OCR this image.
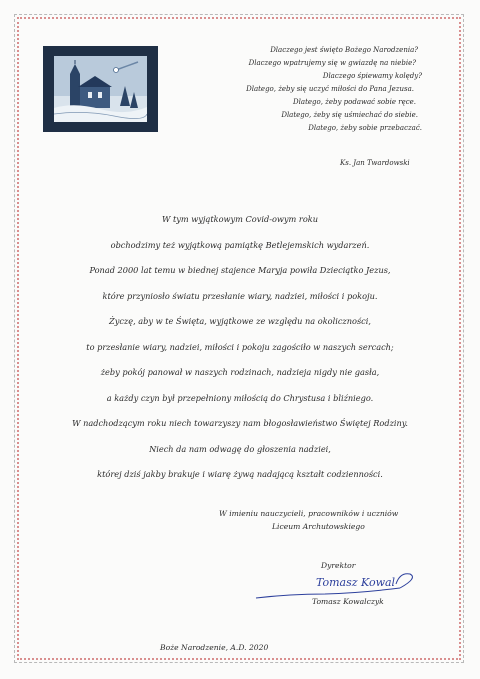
Dlaczego jest święto Bożego Narodzenia?
Dlaczego wpatrujemy się w gwiazdę na niebie?
Dlaczego śpiewamy kolędy?
Dlatego, żeby się uczyć miłości do Pana Jezusa.
Dlatego, żeby podawać sobie ręce.
Dlatego, żeby się uśmiechać do siebie.
Dlatego, żeby sobie przebaczać.
Ks. Jan Twardowski
W tym wyjątkowym Covid-owym roku
obchodzimy też wyjątkową pamiątkę Betlejemskich wydarzeń.
Ponad 2000 lat temu w biednej stajence Maryja powiła Dzieciątko Jezus,
które przyniosło światu przesłanie wiary, nadziei, miłości i pokoju.
Życzę, aby w te Święta, wyjątkowe ze względu na okoliczności,
to przesłanie wiary, nadziei, miłości i pokoju zagościło w naszych sercach;
żeby pokój panował w naszych rodzinach, nadzieja nigdy nie gasła,
a każdy czyn był przepełniony miłością do Chrystusa i bliźniego.
W nadchodzącym roku niech towarzyszy nam błogosławieństwo Świętej Rodziny.
Niech da nam odwagę do głoszenia nadziei,
której dziś jakby brakuje i wiarę żywą nadającą kształt codzienności.
W imieniu nauczycieli, pracowników i uczniów
Liceum Archutowskiego
Dyrektor
Tomasz Kowal
Tomasz Kowalczyk
Boże Narodzenie, A.D. 2020
